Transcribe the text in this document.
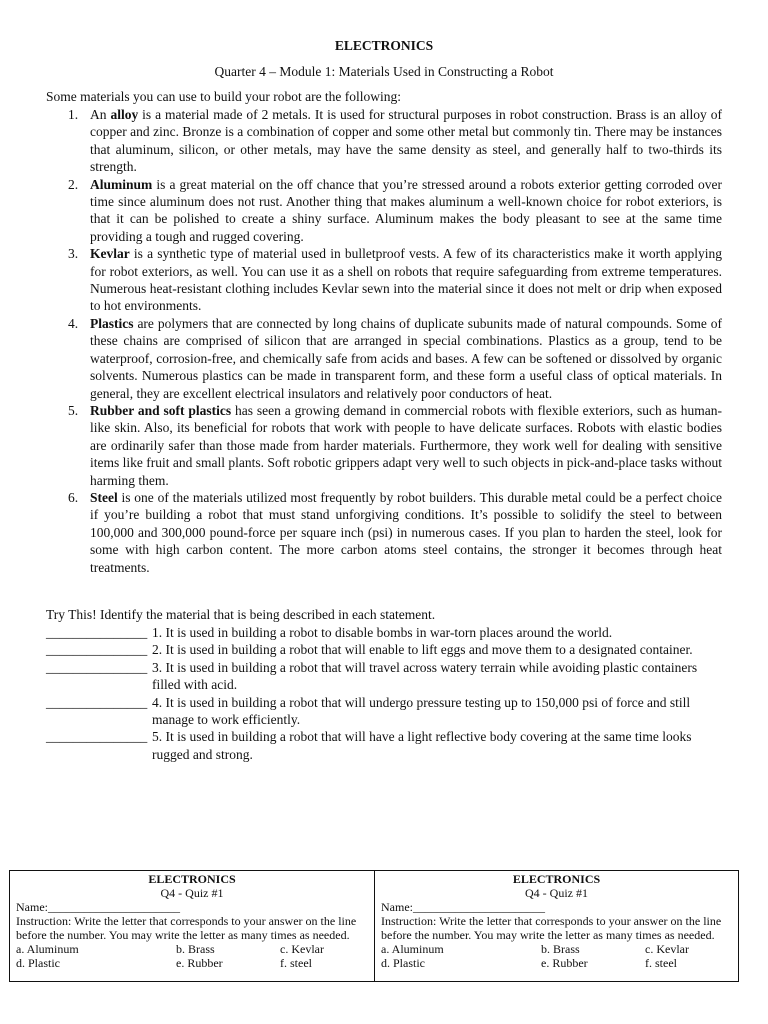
ELECTRONICS
Quarter 4 – Module 1: Materials Used in Constructing a Robot
Some materials you can use to build your robot are the following:
1. An alloy is a material made of 2 metals. It is used for structural purposes in robot construction. Brass is an alloy of copper and zinc. Bronze is a combination of copper and some other metal but commonly tin. There may be instances that aluminum, silicon, or other metals, may have the same density as steel, and generally half to two-thirds its strength.
2. Aluminum is a great material on the off chance that you’re stressed around a robots exterior getting corroded over time since aluminum does not rust. Another thing that makes aluminum a well-known choice for robot exteriors, is that it can be polished to create a shiny surface. Aluminum makes the body pleasant to see at the same time providing a tough and rugged covering.
3. Kevlar is a synthetic type of material used in bulletproof vests. A few of its characteristics make it worth applying for robot exteriors, as well. You can use it as a shell on robots that require safeguarding from extreme temperatures. Numerous heat-resistant clothing includes Kevlar sewn into the material since it does not melt or drip when exposed to hot environments.
4. Plastics are polymers that are connected by long chains of duplicate subunits made of natural compounds. Some of these chains are comprised of silicon that are arranged in special combinations. Plastics as a group, tend to be waterproof, corrosion-free, and chemically safe from acids and bases. A few can be softened or dissolved by organic solvents. Numerous plastics can be made in transparent form, and these form a useful class of optical materials. In general, they are excellent electrical insulators and relatively poor conductors of heat.
5. Rubber and soft plastics has seen a growing demand in commercial robots with flexible exteriors, such as human-like skin. Also, its beneficial for robots that work with people to have delicate surfaces. Robots with elastic bodies are ordinarily safer than those made from harder materials. Furthermore, they work well for dealing with sensitive items like fruit and small plants. Soft robotic grippers adapt very well to such objects in pick-and-place tasks without harming them.
6. Steel is one of the materials utilized most frequently by robot builders. This durable metal could be a perfect choice if you’re building a robot that must stand unforgiving conditions. It’s possible to solidify the steel to between 100,000 and 300,000 pound-force per square inch (psi) in numerous cases. If you plan to harden the steel, look for some with high carbon content. The more carbon atoms steel contains, the stronger it becomes through heat treatments.
Try This! Identify the material that is being described in each statement.
_______________ 1. It is used in building a robot to disable bombs in war-torn places around the world.
_______________ 2. It is used in building a robot that will enable to lift eggs and move them to a designated container.
_______________ 3. It is used in building a robot that will travel across watery terrain while avoiding plastic containers filled with acid.
_______________ 4. It is used in building a robot that will undergo pressure testing up to 150,000 psi of force and still manage to work efficiently.
_______________ 5. It is used in building a robot that will have a light reflective body covering at the same time looks rugged and strong.
ELECTRONICS
Q4 - Quiz #1
Name:______________________
Instruction: Write the letter that corresponds to your answer on the line before the number. You may write the letter as many times as needed.
a. Aluminum	b. Brass	c. Kevlar
d. Plastic	e. Rubber	f. steel
ELECTRONICS
Q4 - Quiz #1
Name:______________________
Instruction: Write the letter that corresponds to your answer on the line before the number. You may write the letter as many times as needed.
a. Aluminum	b. Brass	c. Kevlar
d. Plastic	e. Rubber	f. steel
